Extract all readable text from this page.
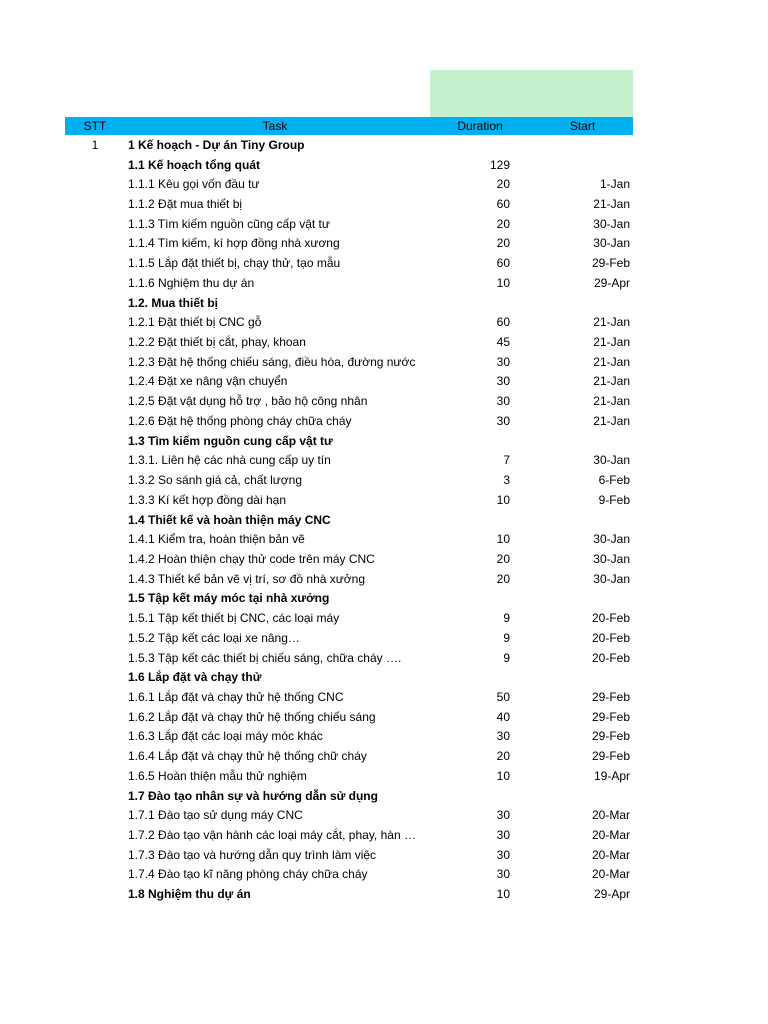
STT	Task	Duration	Start
1	1 Kế hoạch - Dự án Tiny Group
1.1 Kế hoạch tổng quát	129
1.1.1 Kêu gọi vốn đầu tư	20	1-Jan
1.1.2 Đặt mua thiết bị	60	21-Jan
1.1.3 Tìm kiếm nguồn cũng cấp vật tư	20	30-Jan
1.1.4 Tìm kiếm, kí hợp đồng nhà xương	20	30-Jan
1.1.5 Lắp đặt thiết bị, chạy thử, tạo mẫu	60	29-Feb
1.1.6 Nghiệm thu dự án	10	29-Apr
1.2. Mua thiết bị
1.2.1 Đặt thiết bị CNC gỗ	60	21-Jan
1.2.2 Đặt thiết bị cắt, phay, khoan	45	21-Jan
1.2.3 Đặt hệ thống chiếu sáng, điều hòa, đường nước	30	21-Jan
1.2.4 Đặt xe nâng vận chuyển	30	21-Jan
1.2.5 Đặt vật dụng hỗ trợ , bảo hộ công nhân	30	21-Jan
1.2.6 Đặt hệ thống phòng cháy chữa cháy	30	21-Jan
1.3 Tìm kiếm nguồn cung cấp vật tư
1.3.1. Liên hệ các nhà cung cấp uy tín	7	30-Jan
1.3.2 So sánh giá cả, chất lượng	3	6-Feb
1.3.3 Kí kết hợp đồng dài hạn	10	9-Feb
1.4 Thiết kế và hoàn thiện máy CNC
1.4.1 Kiểm tra, hoàn thiện bản vẽ	10	30-Jan
1.4.2 Hoàn thiện chạy thử code trên máy CNC	20	30-Jan
1.4.3 Thiết kế bản vẽ vị trí, sơ đồ nhà xưởng	20	30-Jan
1.5 Tập kết máy móc tại nhà xưởng
1.5.1 Tập kết thiết bị CNC, các loại máy	9	20-Feb
1.5.2 Tập kết các loại xe nâng…	9	20-Feb
1.5.3 Tập kết các thiết bị chiếu sáng, chữa cháy ….	9	20-Feb
1.6 Lắp đặt và chạy thử
1.6.1 Lắp đặt và chạy thử hệ thống CNC	50	29-Feb
1.6.2 Lắp đặt và chạy thử hệ thống chiếu sáng	40	29-Feb
1.6.3 Lắp đặt các loại máy móc khác	30	29-Feb
1.6.4 Lắp đặt và chạy thử hệ thống chữ cháy	20	29-Feb
1.6.5 Hoàn thiện mẫu thử nghiệm	10	19-Apr
1.7 Đào tạo nhân sự và hướng dẫn sử dụng
1.7.1 Đào tạo sử dụng máy CNC	30	20-Mar
1.7.2 Đào tạo vận hành các loại máy cắt, phay, hàn …	30	20-Mar
1.7.3 Đào tạo và hướng dẫn quy trình làm việc	30	20-Mar
1.7.4 Đào tạo kĩ năng phòng cháy chữa cháy	30	20-Mar
1.8 Nghiệm thu dự án	10	29-Apr
